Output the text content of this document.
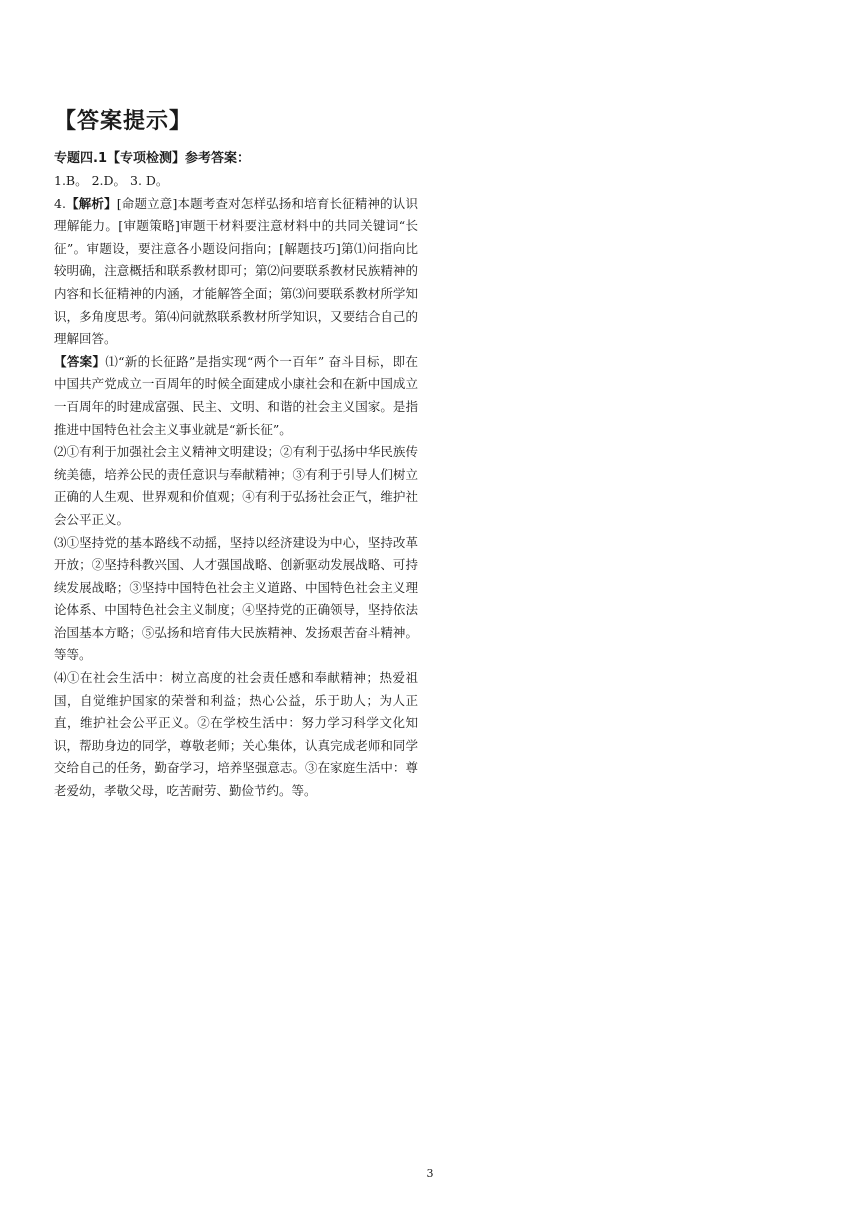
【答案提示】
专题四.1【专项检测】参考答案：

1.B。 2.D。 3. D。

4.【解析】[命题立意]本题考查对怎样弘扬和培育长征精神的认识理解能力。[审题策略]审题干材料要注意材料中的共同关键词“长征”。审题设，要注意各小题设问指向；[解题技巧]第⑴问指向比较明确，注意概括和联系教材即可；第⑵问要联系教材民族精神的内容和长征精神的内涵，才能解答全面；第⑶问要联系教材所学知识，多角度思考。第⑷问就熬联系教材所学知识，又要结合自己的理解回答。

【答案】⑴“新的长征路”是指实现“两个一百年” 奋斗目标，即在中国共产党成立一百周年的时候全面建成小康社会和在新中国成立一百周年的时建成富强、民主、文明、和谐的社会主义国家。是指推进中国特色社会主义事业就是“新长征”。

⑵①有利于加强社会主义精神文明建设；②有利于弘扬中华民族传统美德，培养公民的责任意识与奉献精神；③有利于引导人们树立正确的人生观、世界观和价值观；④有利于弘扬社会正气，维护社会公平正义。

⑶①坚持党的基本路线不动摇，坚持以经济建设为中心，坚持改革开放；②坚持科教兴国、人才强国战略、创新驱动发展战略、可持续发展战略；③坚持中国特色社会主义道路、中国特色社会主义理论体系、中国特色社会主义制度；④坚持党的正确领导，坚持依法治国基本方略；⑤弘扬和培育伟大民族精神、发扬艰苦奋斗精神。等等。

⑷①在社会生活中：树立高度的社会责任感和奉献精神；热爱祖国，自觉维护国家的荣誉和利益；热心公益，乐于助人；为人正直，维护社会公平正义。②在学校生活中：努力学习科学文化知识，帮助身边的同学，尊敬老师；关心集体，认真完成老师和同学交给自己的任务，勤奋学习，培养坚强意志。③在家庭生活中：尊老爱幼，孝敬父母，吃苦耐劳、勤俭节约。等。

3
